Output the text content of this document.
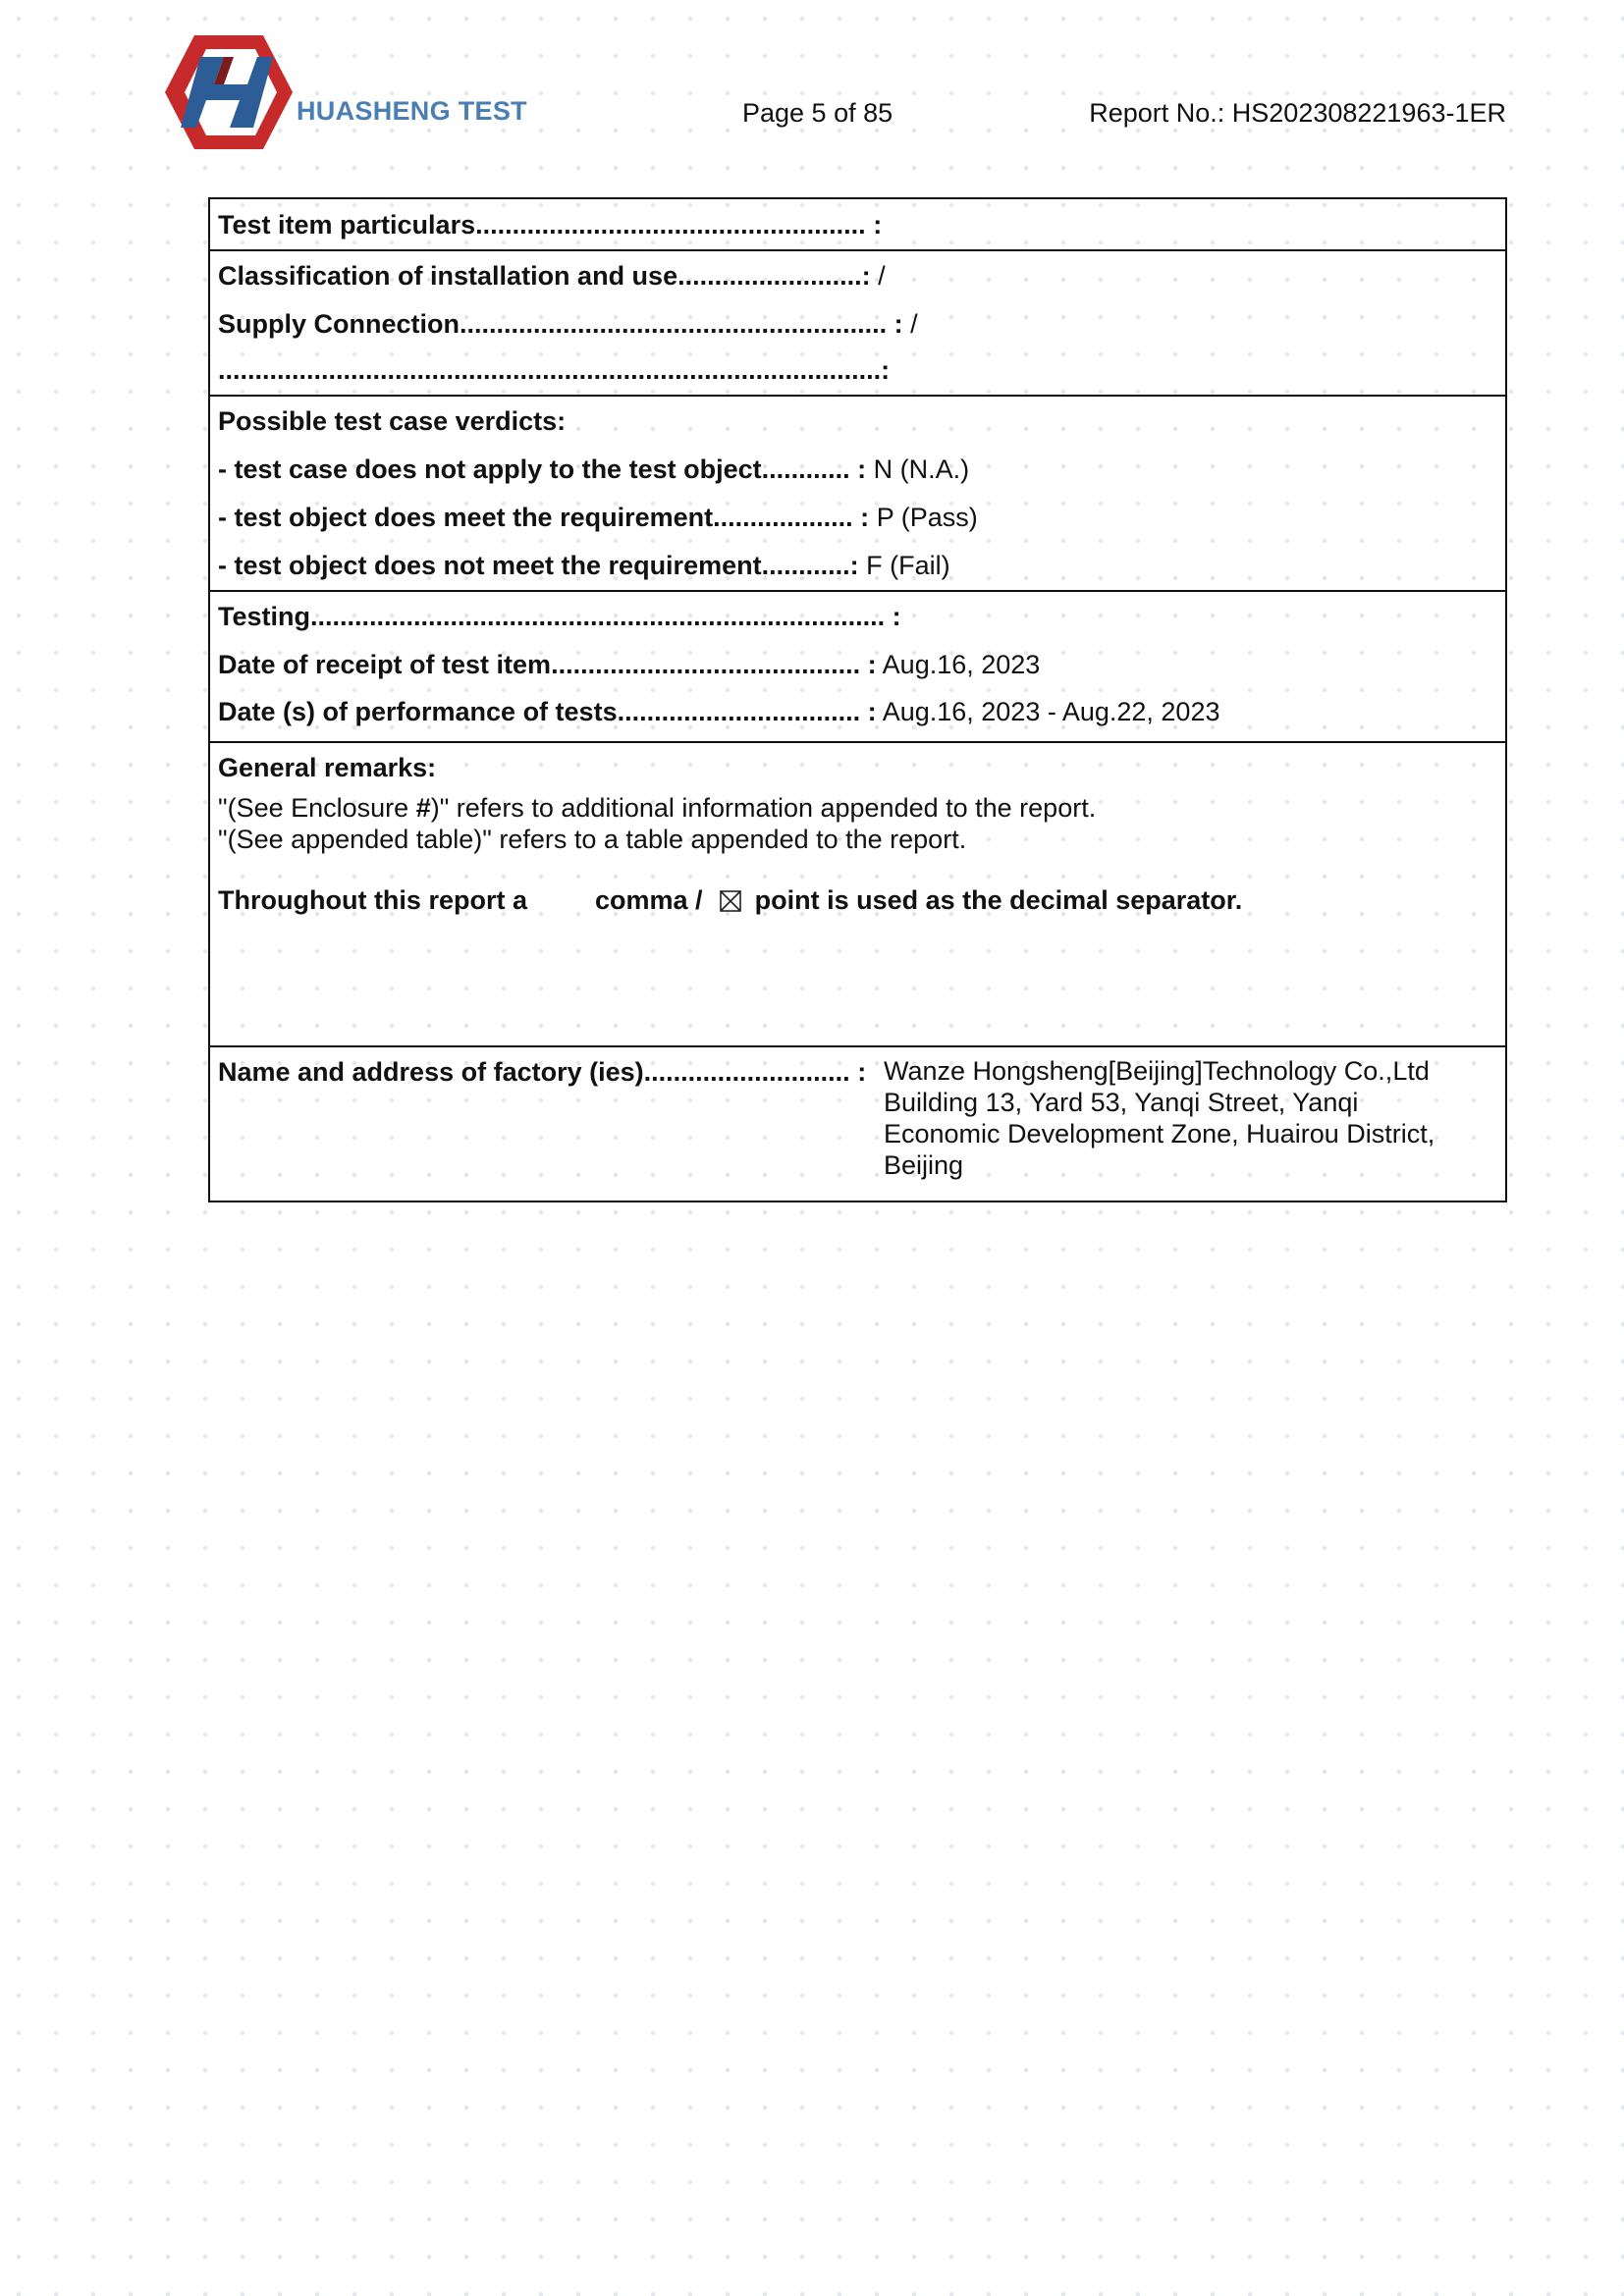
HUASHENG TEST	Page 5 of 85	Report No.: HS202308221963-1ER
Test item particulars..................................................... :
Classification of installation and use.........................: /
Supply Connection.......................................................... : /
..........................................................................................:
Possible test case verdicts:
- test case does not apply to the test object............ : N (N.A.)
- test object does meet the requirement................... : P (Pass)
- test object does not meet the requirement............: F (Fail)
Testing.............................................................................. :
Date of receipt of test item.......................................... : Aug.16, 2023
Date (s) of performance of tests................................. : Aug.16, 2023 - Aug.22, 2023
General remarks:
"(See Enclosure #)" refers to additional information appended to the report.
"(See appended table)" refers to a table appended to the report.
Throughout this report a	comma / point is used as the decimal separator.
Name and address of factory (ies)............................ : Wanze Hongsheng[Beijing]Technology Co.,Ltd
Building 13, Yard 53, Yanqi Street, Yanqi
Economic Development Zone, Huairou District,
Beijing
